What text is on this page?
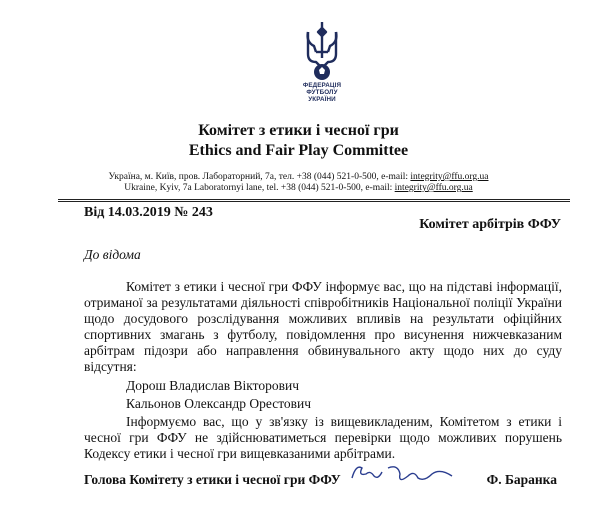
ФЕДЕРАЦІЯ
ФУТБОЛУ
УКРАЇНИ
Комітет з етики і чесної гри
Ethics and Fair Play Committee
Україна, м. Київ, пров. Лабораторний, 7а, тел. +38 (044) 521-0-500, e-mail: integrity@ffu.org.ua
Ukraine, Kyiv, 7a Laboratornyi lane, tel. +38 (044) 521-0-500, e-mail: integrity@ffu.org.ua
Від 14.03.2019 № 243
Комітет арбітрів ФФУ
До відома

Комітет з етики і чесної гри ФФУ інформує вас, що на підставі інформації, отриманої за результатами діяльності співробітників Національної поліції України щодо досудового розслідування можливих впливів на результати офіційних спортивних змагань з футболу, повідомлення про висунення нижчевказаним арбітрам підозри або направлення обвинувального акту щодо них до суду відсутня:

Дорош Владислав Вікторович
Кальонов Олександр Орестович

Інформуємо вас, що у зв'язку із вищевикладеним, Комітетом з етики і чесної гри ФФУ не здійснюватиметься перевірки щодо можливих порушень Кодексу етики і чесної гри вищевказаними арбітрами.

Голова Комітету з етики і чесної гри ФФУ	Ф. Баранка
